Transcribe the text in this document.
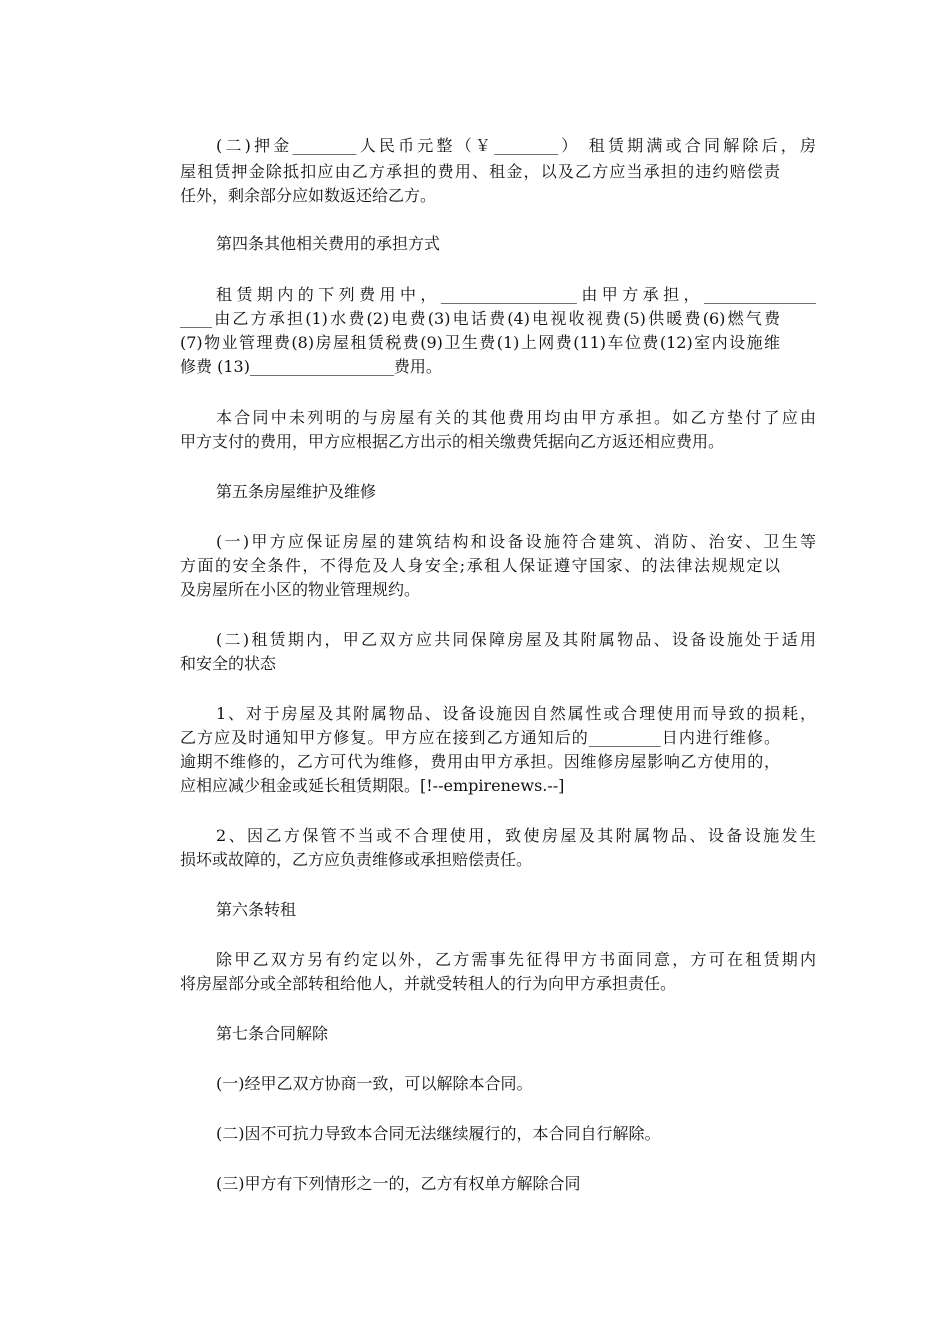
(二)押金________人民币元整（￥________） 租赁期满或合同解除后，房
屋租赁押金除抵扣应由乙方承担的费用、租金，以及乙方应当承担的违约赔偿责
任外，剩余部分应如数返还给乙方。
第四条其他相关费用的承担方式
租赁期内的下列费用中，_________________由甲方承担，______________
____由乙方承担(1)水费(2)电费(3)电话费(4)电视收视费(5)供暖费(6)燃气费
(7)物业管理费(8)房屋租赁税费(9)卫生费(1)上网费(11)车位费(12)室内设施维
修费 (13)__________________费用。
本合同中未列明的与房屋有关的其他费用均由甲方承担。如乙方垫付了应由
甲方支付的费用，甲方应根据乙方出示的相关缴费凭据向乙方返还相应费用。
第五条房屋维护及维修
(一)甲方应保证房屋的建筑结构和设备设施符合建筑、消防、治安、卫生等
方面的安全条件，不得危及人身安全;承租人保证遵守国家、的法律法规规定以
及房屋所在小区的物业管理规约。
(二)租赁期内，甲乙双方应共同保障房屋及其附属物品、设备设施处于适用
和安全的状态
1、对于房屋及其附属物品、设备设施因自然属性或合理使用而导致的损耗，
乙方应及时通知甲方修复。甲方应在接到乙方通知后的_________日内进行维修。
逾期不维修的，乙方可代为维修，费用由甲方承担。因维修房屋影响乙方使用的，
应相应减少租金或延长租赁期限。[!--empirenews.--]
2、因乙方保管不当或不合理使用，致使房屋及其附属物品、设备设施发生
损坏或故障的，乙方应负责维修或承担赔偿责任。
第六条转租
除甲乙双方另有约定以外，乙方需事先征得甲方书面同意，方可在租赁期内
将房屋部分或全部转租给他人，并就受转租人的行为向甲方承担责任。
第七条合同解除
(一)经甲乙双方协商一致，可以解除本合同。
(二)因不可抗力导致本合同无法继续履行的，本合同自行解除。
(三)甲方有下列情形之一的，乙方有权单方解除合同
